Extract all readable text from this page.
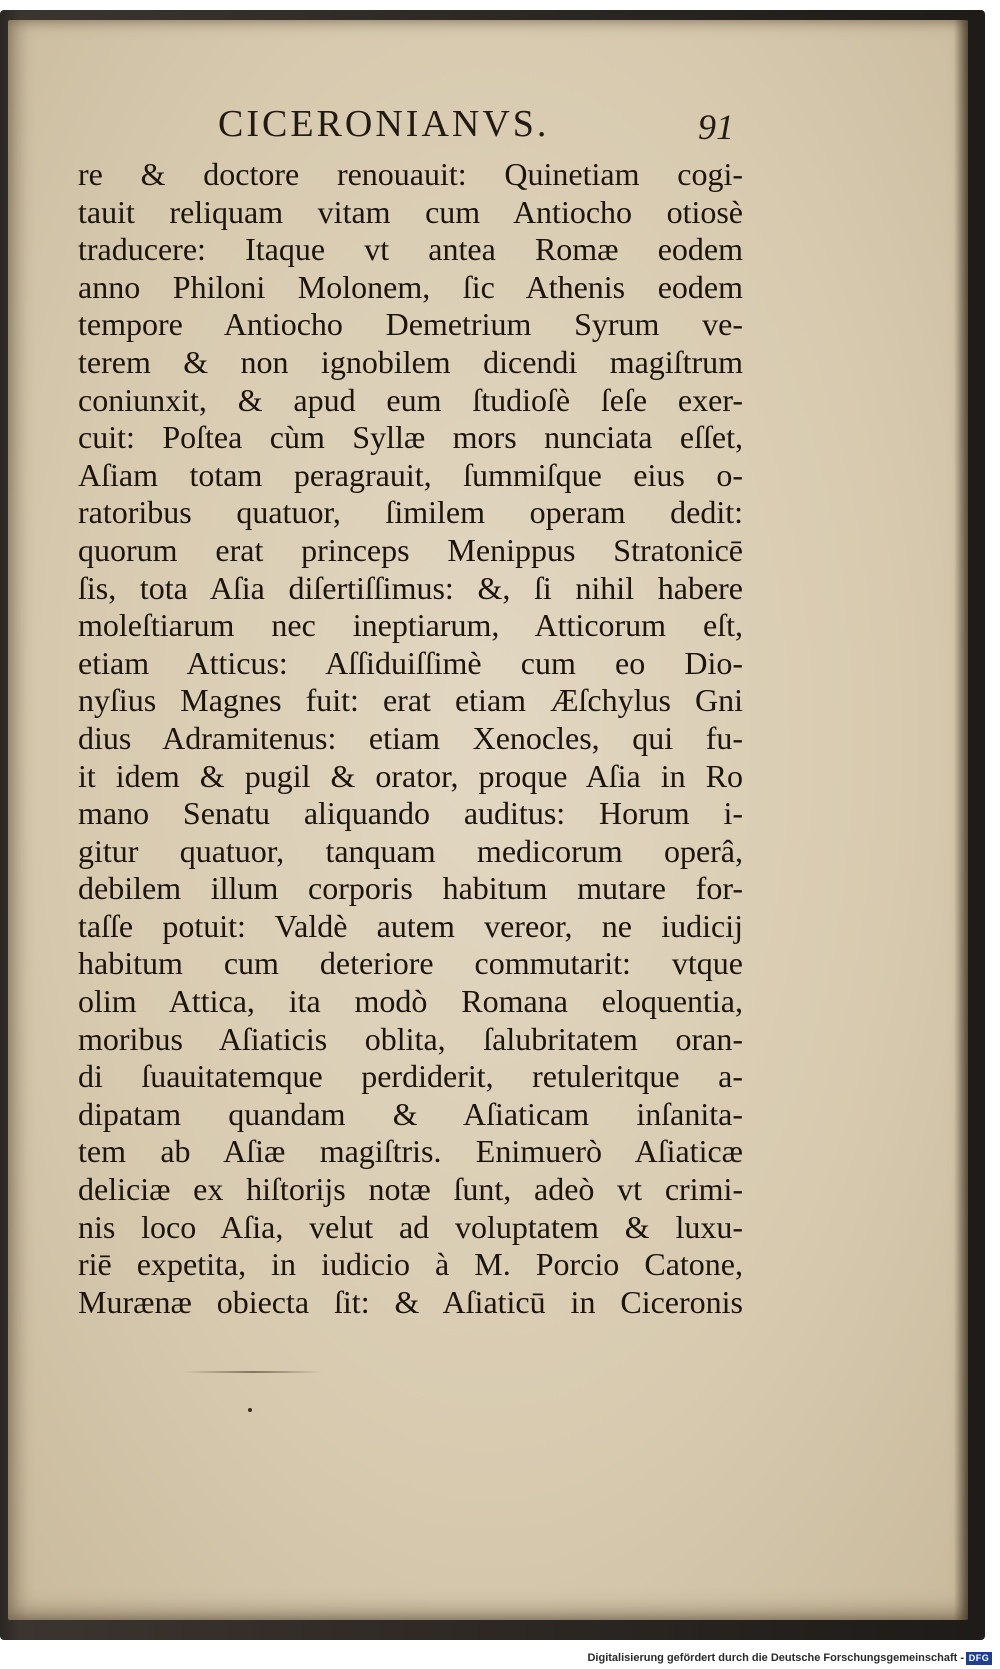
CICERONIANVS.	91
re & doctore renouauit: Quinetiam cogi-
tauit reliquam vitam cum Antiocho otiosè
traducere: Itaque vt antea Romæ eodem
anno Philoni Molonem, ſic Athenis eodem
tempore Antiocho Demetrium Syrum ve-
terem & non ignobilem dicendi magiſtrum
coniunxit, & apud eum ſtudioſè ſeſe exer-
cuit: Poſtea cùm Syllæ mors nunciata eſſet,
Aſiam totam peragrauit, ſummiſque eius o-
ratoribus quatuor, ſimilem operam dedit:
quorum erat princeps Menippus Stratonicē
ſis, tota Aſia diſertiſſimus: &, ſi nihil habere
moleſtiarum nec ineptiarum, Atticorum eſt,
etiam Atticus: Aſſiduiſſimè cum eo Dio-
nyſius Magnes fuit: erat etiam Æſchylus Gni
dius Adramitenus: etiam Xenocles, qui fu-
it idem & pugil & orator, proque Aſia in Ro
mano Senatu aliquando auditus: Horum i-
gitur quatuor, tanquam medicorum operâ,
debilem illum corporis habitum mutare for-
taſſe potuit: Valdè autem vereor, ne iudicij
habitum cum deteriore commutarit: vtque
olim Attica, ita modò Romana eloquentia,
moribus Aſiaticis oblita, ſalubritatem oran-
di ſuauitatemque perdiderit, retuleritque a-
dipatam quandam & Aſiaticam inſanita-
tem ab Aſiæ magiſtris. Enimuerò Aſiaticæ
deliciæ ex hiſtorijs notæ ſunt, adeò vt crimi-
nis loco Aſia, velut ad voluptatem & luxu-
riē expetita, in iudicio à M. Porcio Catone,
Murænæ obiecta ſit: & Aſiaticū in Ciceronis
Digitalisierung gefördert durch die Deutsche Forschungsgemeinschaft - DFG
